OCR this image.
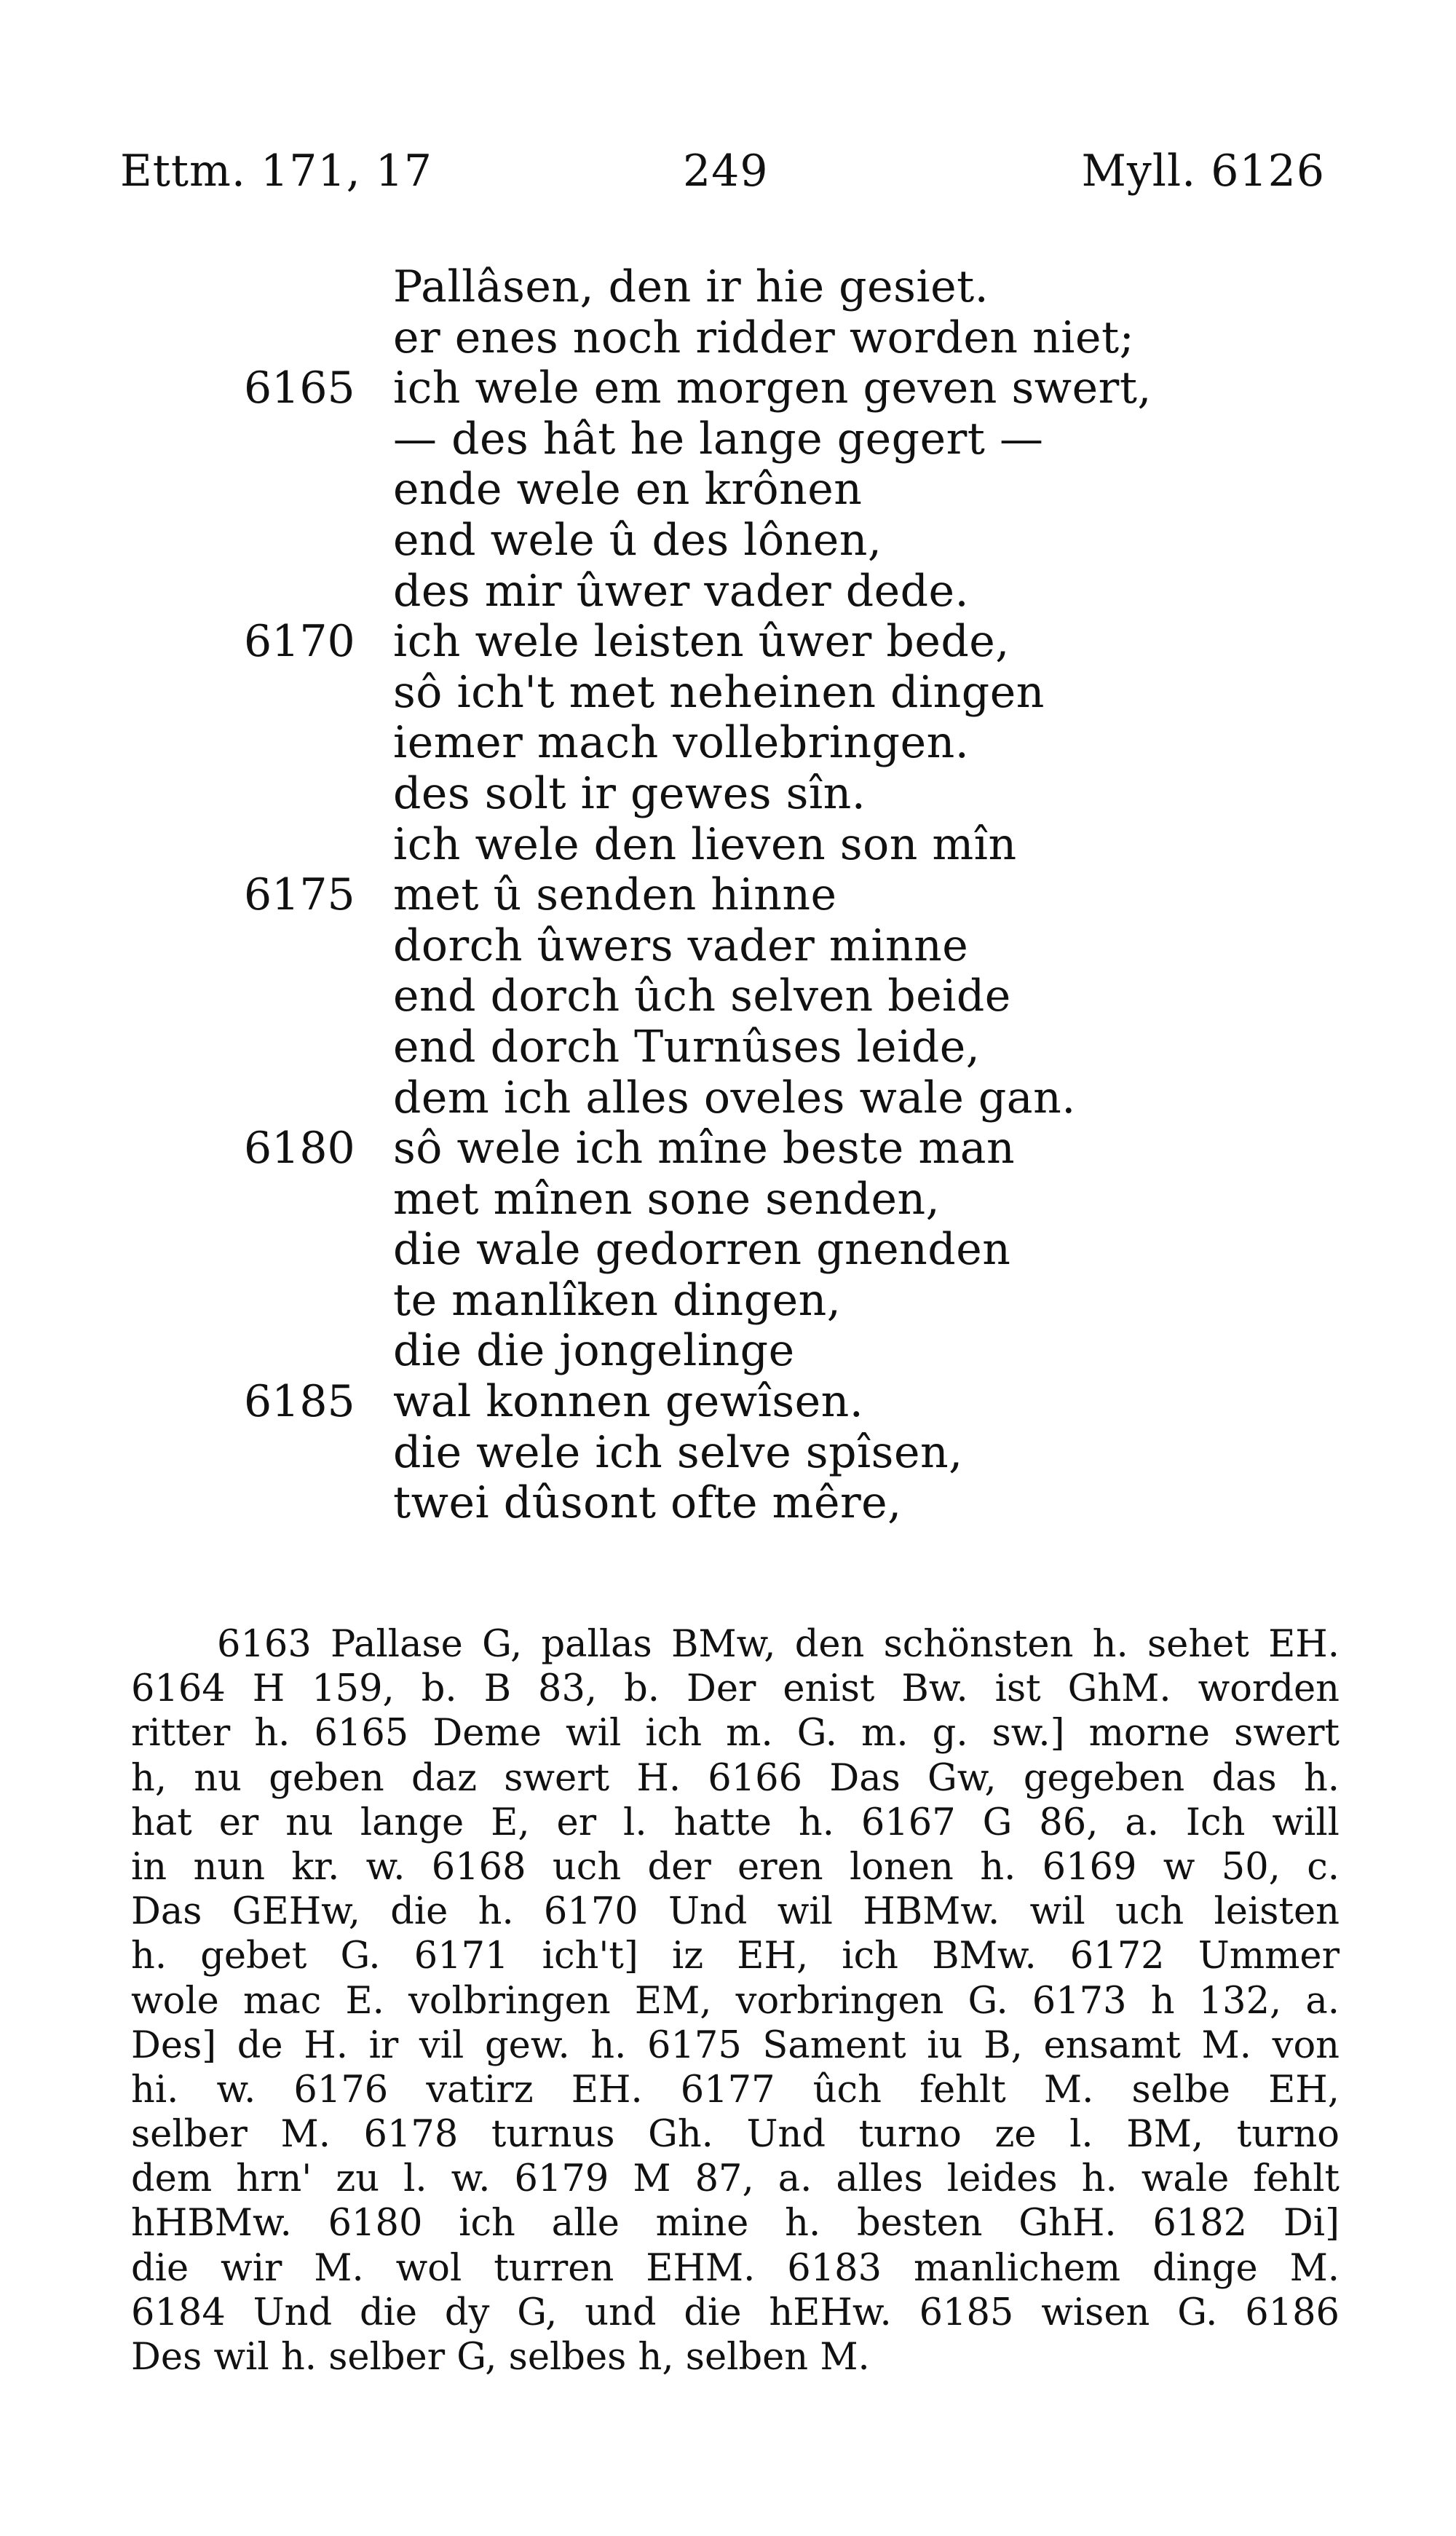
Ettm. 171, 17	249	Myll. 6126
Pallâsen, den ir hie gesiet.
er enes noch ridder worden niet;
6165 ich wele em morgen geven swert,
— des hât he lange gegert —
ende wele en krônen
end wele û des lônen,
des mir ûwer vader dede.
6170 ich wele leisten ûwer bede,
sô ich't met neheinen dingen
iemer mach vollebringen.
des solt ir gewes sîn.
ich wele den lieven son mîn
6175 met û senden hinne
dorch ûwers vader minne
end dorch ûch selven beide
end dorch Turnûses leide,
dem ich alles oveles wale gan.
6180 sô wele ich mîne beste man
met mînen sone senden,
die wale gedorren gnenden
te manlîken dingen,
die die jongelinge
6185 wal konnen gewîsen.
die wele ich selve spîsen,
twei dûsont ofte mêre,
6163 Pallase G, pallas BMw, den schönsten h. sehet EH.
6164 H 159, b. B 83, b. Der enist Bw. ist GhM. worden
ritter h. 6165 Deme wil ich m. G. m. g. sw.] morne swert
h, nu geben daz swert H. 6166 Das Gw, gegeben das h.
hat er nu lange E, er l. hatte h. 6167 G 86, a. Ich will
in nun kr. w. 6168 uch der eren lonen h. 6169 w 50, c.
Das GEHw, die h. 6170 Und wil HBMw. wil uch leisten
h. gebet G. 6171 ich't] iz EH, ich BMw. 6172 Ummer
wole mac E. volbringen EM, vorbringen G. 6173 h 132, a.
Des] de H. ir vil gew. h. 6175 Sament iu B, ensamt M. von
hi. w. 6176 vatirz EH. 6177 ûch fehlt M. selbe EH,
selber M. 6178 turnus Gh. Und turno ze l. BM, turno
dem hrn' zu l. w. 6179 M 87, a. alles leides h. wale fehlt
hHBMw. 6180 ich alle mine h. besten GhH. 6182 Di]
die wir M. wol turren EHM. 6183 manlichem dinge M.
6184 Und die dy G, und die hEHw. 6185 wisen G. 6186
Des wil h. selber G, selbes h, selben M.
